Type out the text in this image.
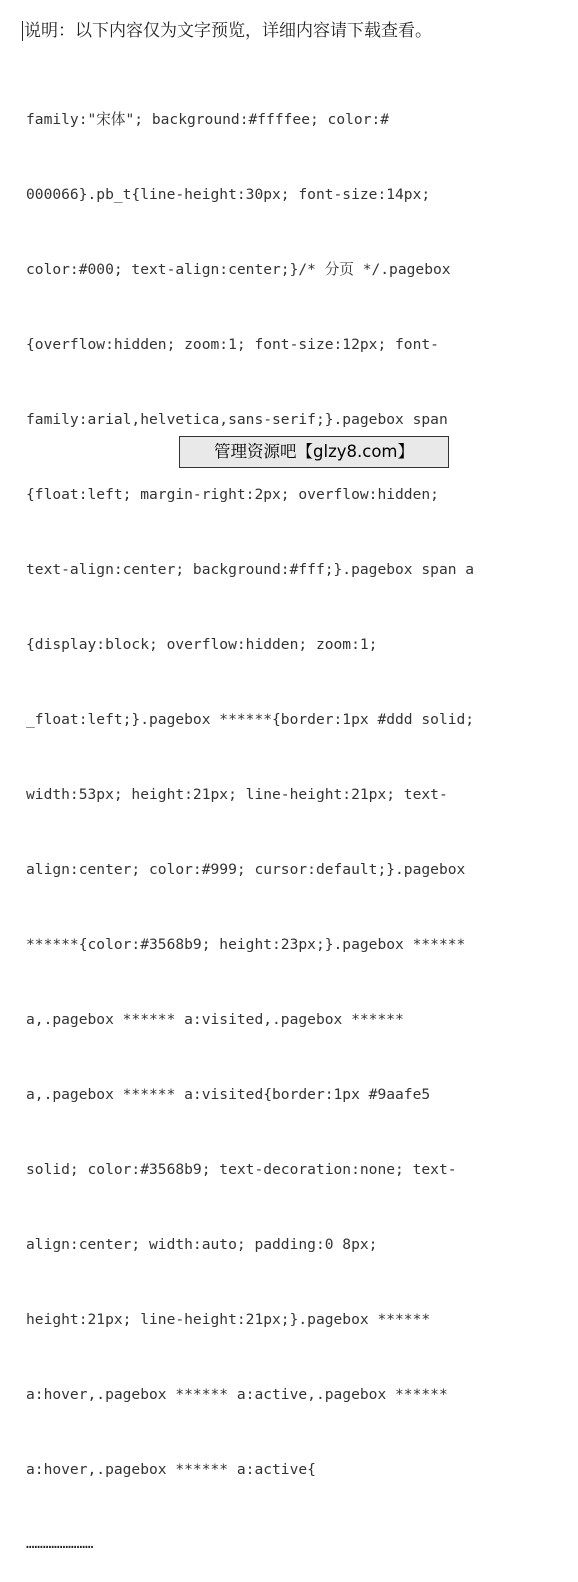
说明：以下内容仅为文字预览，详细内容请下载查看。

family:"宋体"; background:#ffffee; color:#

000066}.pb_t{line-height:30px; font-size:14px;

color:#000; text-align:center;}/* 分页 */.pagebox

{overflow:hidden; zoom:1; font-size:12px; font-

family:arial,helvetica,sans-serif;}.pagebox span

{float:left; margin-right:2px; overflow:hidden;

text-align:center; background:#fff;}.pagebox span a

{display:block; overflow:hidden; zoom:1;

_float:left;}.pagebox ******{border:1px #ddd solid;

width:53px; height:21px; line-height:21px; text-

align:center; color:#999; cursor:default;}.pagebox

******{color:#3568b9; height:23px;}.pagebox ******

a,.pagebox ****** a:visited,.pagebox ******

a,.pagebox ****** a:visited{border:1px #9aafe5

solid; color:#3568b9; text-decoration:none; text-

align:center; width:auto; padding:0 8px;

height:21px; line-height:21px;}.pagebox ******

a:hover,.pagebox ****** a:active,.pagebox ******

a:hover,.pagebox ****** a:active{

……………………

管理资源吧【glzy8.com】
